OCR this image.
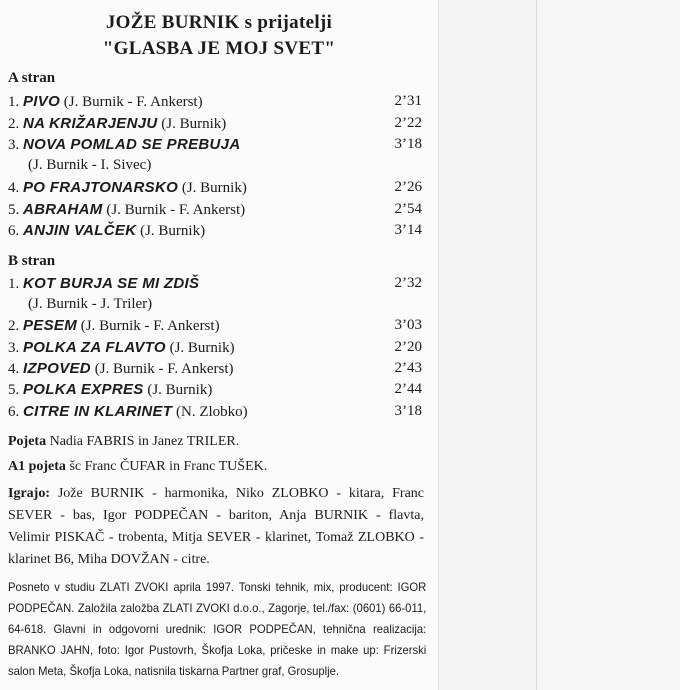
JOŽE BURNIK s prijatelji
"GLASBA JE MOJ SVET"
A stran
1. PIVO (J. Burnik - F. Ankerst)	2’31
2. NA KRIŽARJENJU (J. Burnik)	2’22
3. NOVA POMLAD SE PREBUJA	3’18
(J. Burnik - I. Sivec)
4. PO FRAJTONARSKO (J. Burnik)	2’26
5. ABRAHAM (J. Burnik - F. Ankerst)	2’54
6. ANJIN VALČEK (J. Burnik)	3’14
B stran
1. KOT BURJA SE MI ZDIŠ	2’32
(J. Burnik - J. Triler)
2. PESEM (J. Burnik - F. Ankerst)	3’03
3. POLKA ZA FLAVTO (J. Burnik)	2’20
4. IZPOVED (J. Burnik - F. Ankerst)	2’43
5. POLKA EXPRES (J. Burnik)	2’44
6. CITRE IN KLARINET (N. Zlobko)	3’18
Pojeta Nadia FABRIS in Janez TRILER.
A1 pojeta šc Franc ČUFAR in Franc TUŠEK.
Igrajo: Jože BURNIK - harmonika, Niko ZLOBKO - kitara, Franc SEVER - bas, Igor PODPEČAN - bariton, Anja BURNIK - flavta, Velimir PISKAČ - trobenta, Mitja SEVER - klarinet, Tomaž ZLOBKO - klarinet B6, Miha DOVŽAN - citre.
Posneto v studiu ZLATI ZVOKI aprila 1997. Tonski tehnik, mix, producent: IGOR PODPEČAN. Založila založba ZLATI ZVOKI d.o.o., Zagorje, tel./fax: (0601) 66-011, 64-618. Glavni in odgovorni urednik: IGOR PODPEČAN, tehnična realizacija: BRANKO JAHN, foto: Igor Pustovrh, Škofja Loka, pričeske in make up: Frizerski salon Meta, Škofja Loka, natisnila tiskarna Partner graf, Grosuplje.
